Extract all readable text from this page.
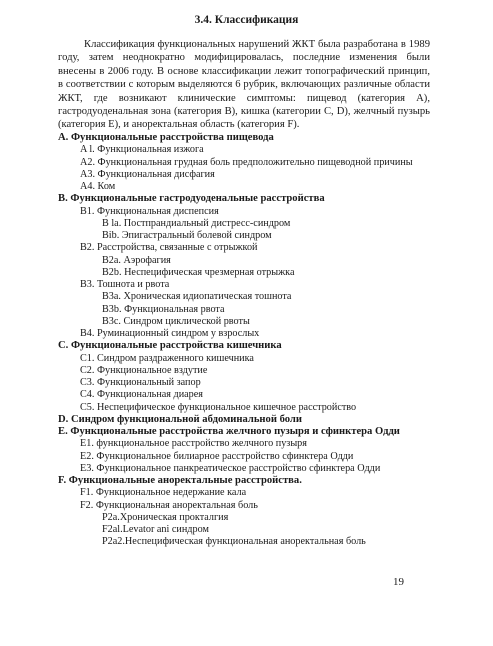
3.4. Классификация

Классификация функциональных нарушений ЖКТ была разработана в 1989 году, затем неоднократно модифицировалась, последние изменения были внесены в 2006 году. В основе классификации лежит топографический принцип, в соответствии с которым выделяются 6 рубрик, включающих различные области ЖКТ, где возникают клинические симптомы: пищевод (категория А), гастродуоденальная зона (категория В), кишка (категории C, D), желчный пузырь (категория Е), и аноректальная область (категория F).

A. Функциональные расстройства пищевода
A l. Функциональная изжога
A2. Функциональная грудная боль предположительно пищеводной причины
A3. Функциональная дисфагия
A4. Ком
B. Функциональные гастродуоденальные расстройства
B1. Функциональная диспепсия
B la. Постпрандиальный дистресс-синдром
Bib. Эпигастральный болевой синдром
B2. Расстройства, связанные с отрыжкой
B2a. Аэрофагия
B2b. Неспецифическая чрезмерная отрыжка
B3. Тошнота и рвота
B3a. Хроническая идиопатическая тошнота
B3b. Функциональная рвота
B3c. Синдром циклической рвоты
B4. Руминационный синдром у взрослых
C. Функциональные расстройства кишечника
C1. Синдром раздраженного кишечника
C2. Функциональное вздутие
C3. Функциональный запор
C4. Функциональная диарея
C5. Неспецифическое функциональное кишечное расстройство
D. Синдром функциональной абдоминальной боли
E. Функциональные расстройства желчного пузыря и сфинктера Одди
E1. функциональное расстройство желчного пузыря
E2. Функциональное билиарное расстройство сфинктера Одди
E3. Функциональное панкреатическое расстройство сфинктера Одди
F. Функциональные аноректальные расстройства.
F1. Функциональное недержание кала
F2. Функциональная аноректальная боль
P2a.Хроническая прокталгия
F2al.Levator ani синдром
P2a2.Неспецифическая функциональная аноректальная боль
19
